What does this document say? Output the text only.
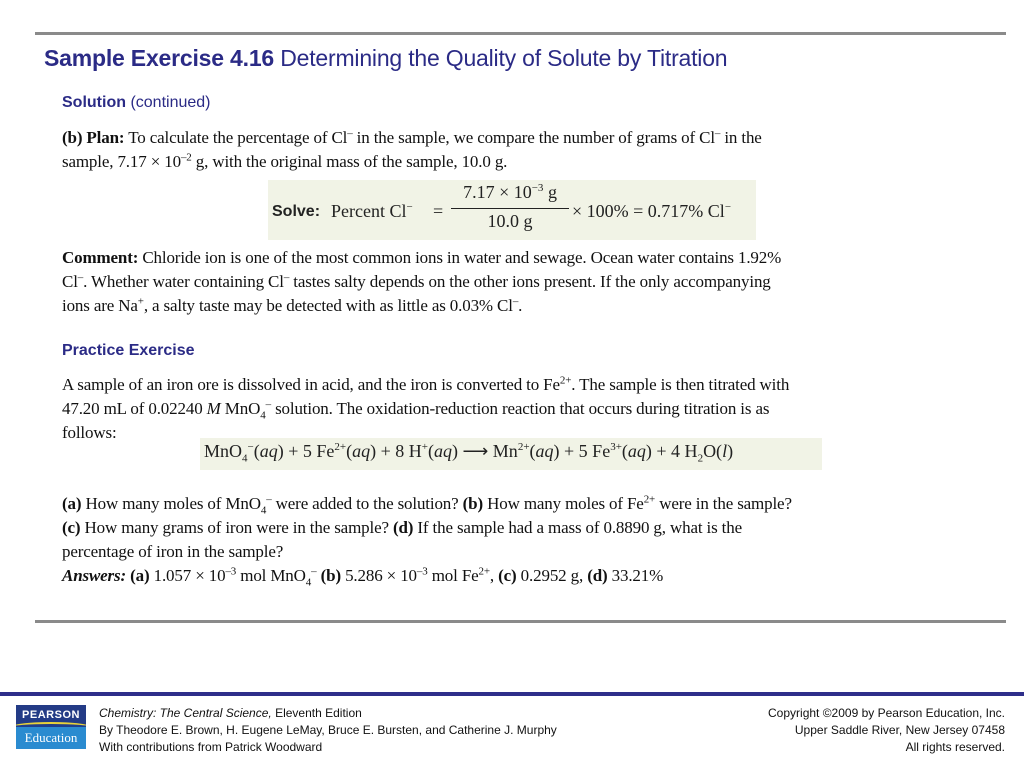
Sample Exercise 4.16 Determining the Quality of Solute by Titration
Solution (continued)
(b) Plan: To calculate the percentage of Cl– in the sample, we compare the number of grams of Cl– in the
sample, $7.17 \times 10^{-2}$ g, with the original mass of the sample, 10.0 g.
Solve: Percent $Cl^- = \frac{7.17 \times 10^{-3} g}{10.0 g} \times 100\% = 0.717\%$ Cl−
Comment: Chloride ion is one of the most common ions in water and sewage. Ocean water contains 1.92%
Cl–. Whether water containing Cl– tastes salty depends on the other ions present. If the only accompanying
ions are Na+, a salty taste may be detected with as little as 0.03% Cl–.
Practice Exercise
A sample of an iron ore is dissolved in acid, and the iron is converted to $Fe^{2+}$. The sample is then titrated with
47.20 mL of 0.02240 M MnO$_4$– solution. The oxidation-reduction reaction that occurs during titration is as
follows:
MnO$_4$−(aq) + 5 $Fe^{2+}(aq) + 8$ H+(aq) ⟶ $Mn^{2+}(aq) + 5$ $Fe^{3+}(aq) + 4$ $H_2O(l)$
(a) How many moles of MnO$_4$– were added to the solution? (b) How many moles of $Fe^{2+}$ were in the sample?
(c) How many grams of iron were in the sample? (d) If the sample had a mass of 0.8890 g, what is the
percentage of iron in the sample?
Answers: (a) $1.057 \times 10^{-3}$ mol MnO$_4$– (b) $5.286 \times 10^{-3}$ mol $Fe^{2+}$, (c) 0.2952 g, (d) 33.21%
PEARSON
Education
Chemistry: The Central Science, Eleventh Edition
By Theodore E. Brown, H. Eugene LeMay, Bruce E. Bursten, and Catherine J. Murphy
With contributions from Patrick Woodward
Copyright ©2009 by Pearson Education, Inc.
Upper Saddle River, New Jersey 07458
All rights reserved.
